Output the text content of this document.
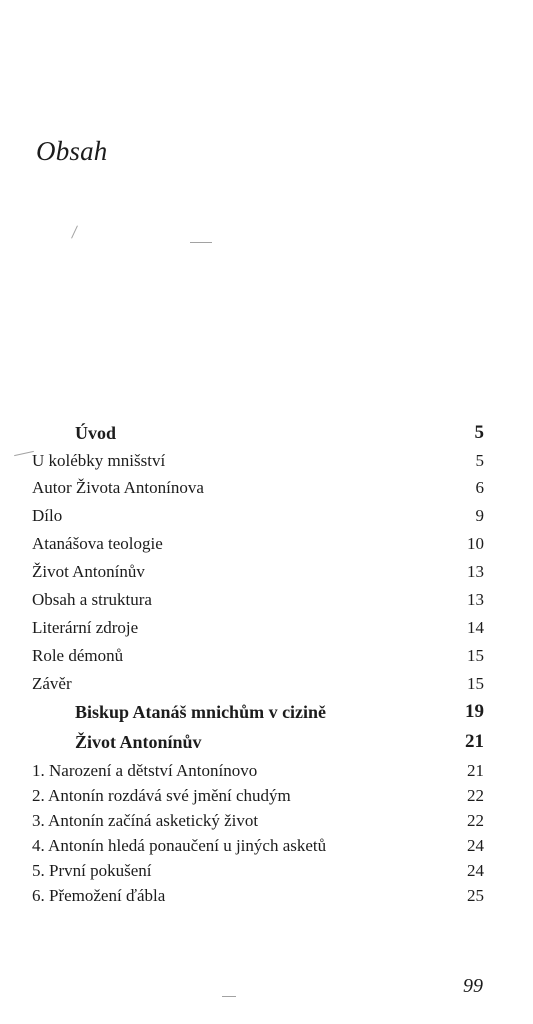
Obsah
Úvod	5
U kolébky mnišství	5
Autor Života Antonínova	6
Dílo	9
Atanášova teologie	10
Život Antonínův	13
Obsah a struktura	13
Literární zdroje	14
Role démonů	15
Závěr	15
Biskup Atanáš mnichům v cizině	19
Život Antonínův	21
1. Narození a dětství Antonínovo	21
2. Antonín rozdává své jmění chudým	22
3. Antonín začíná asketický život	22
4. Antonín hledá ponaučení u jiných asketů	24
5. První pokušení	24
6. Přemožení ďábla	25
99
